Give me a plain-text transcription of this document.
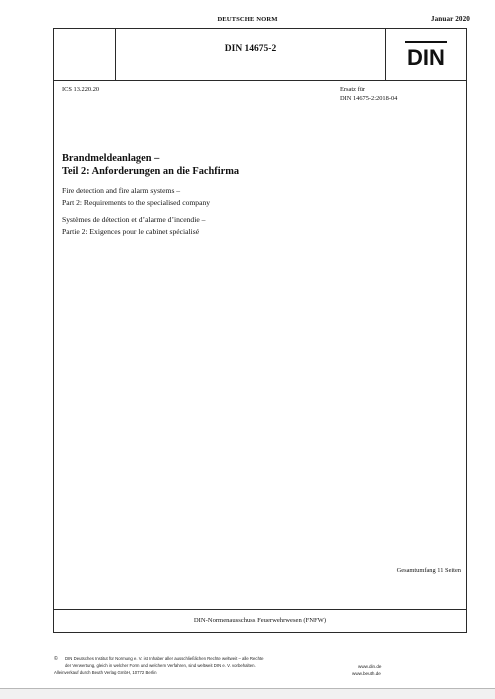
DEUTSCHE NORM	Januar 2020
DIN 14675-2	DIN
ICS 13.220.20	Ersatz für
DIN 14675-2:2018-04
Brandmeldeanlagen –
Teil 2: Anforderungen an die Fachfirma
Fire detection and fire alarm systems –
Part 2: Requirements to the specialised company
Systèmes de détection et d’alarme d’incendie –
Partie 2: Exigences pour le cabinet spécialisé
Gesamtumfang 11 Seiten
DIN-Normenausschuss Feuerwehrwesen (FNFW)
© DIN Deutsches Institut für Normung e. V. ist Inhaber aller ausschließlichen Rechte weltweit – alle Rechte
der Verwertung, gleich in welcher Form und welchem Verfahren, sind weltweit DIN e. V. vorbehalten.
Alleinverkauf durch Beuth Verlag GmbH, 10772 Berlin
www.din.de
www.beuth.de
